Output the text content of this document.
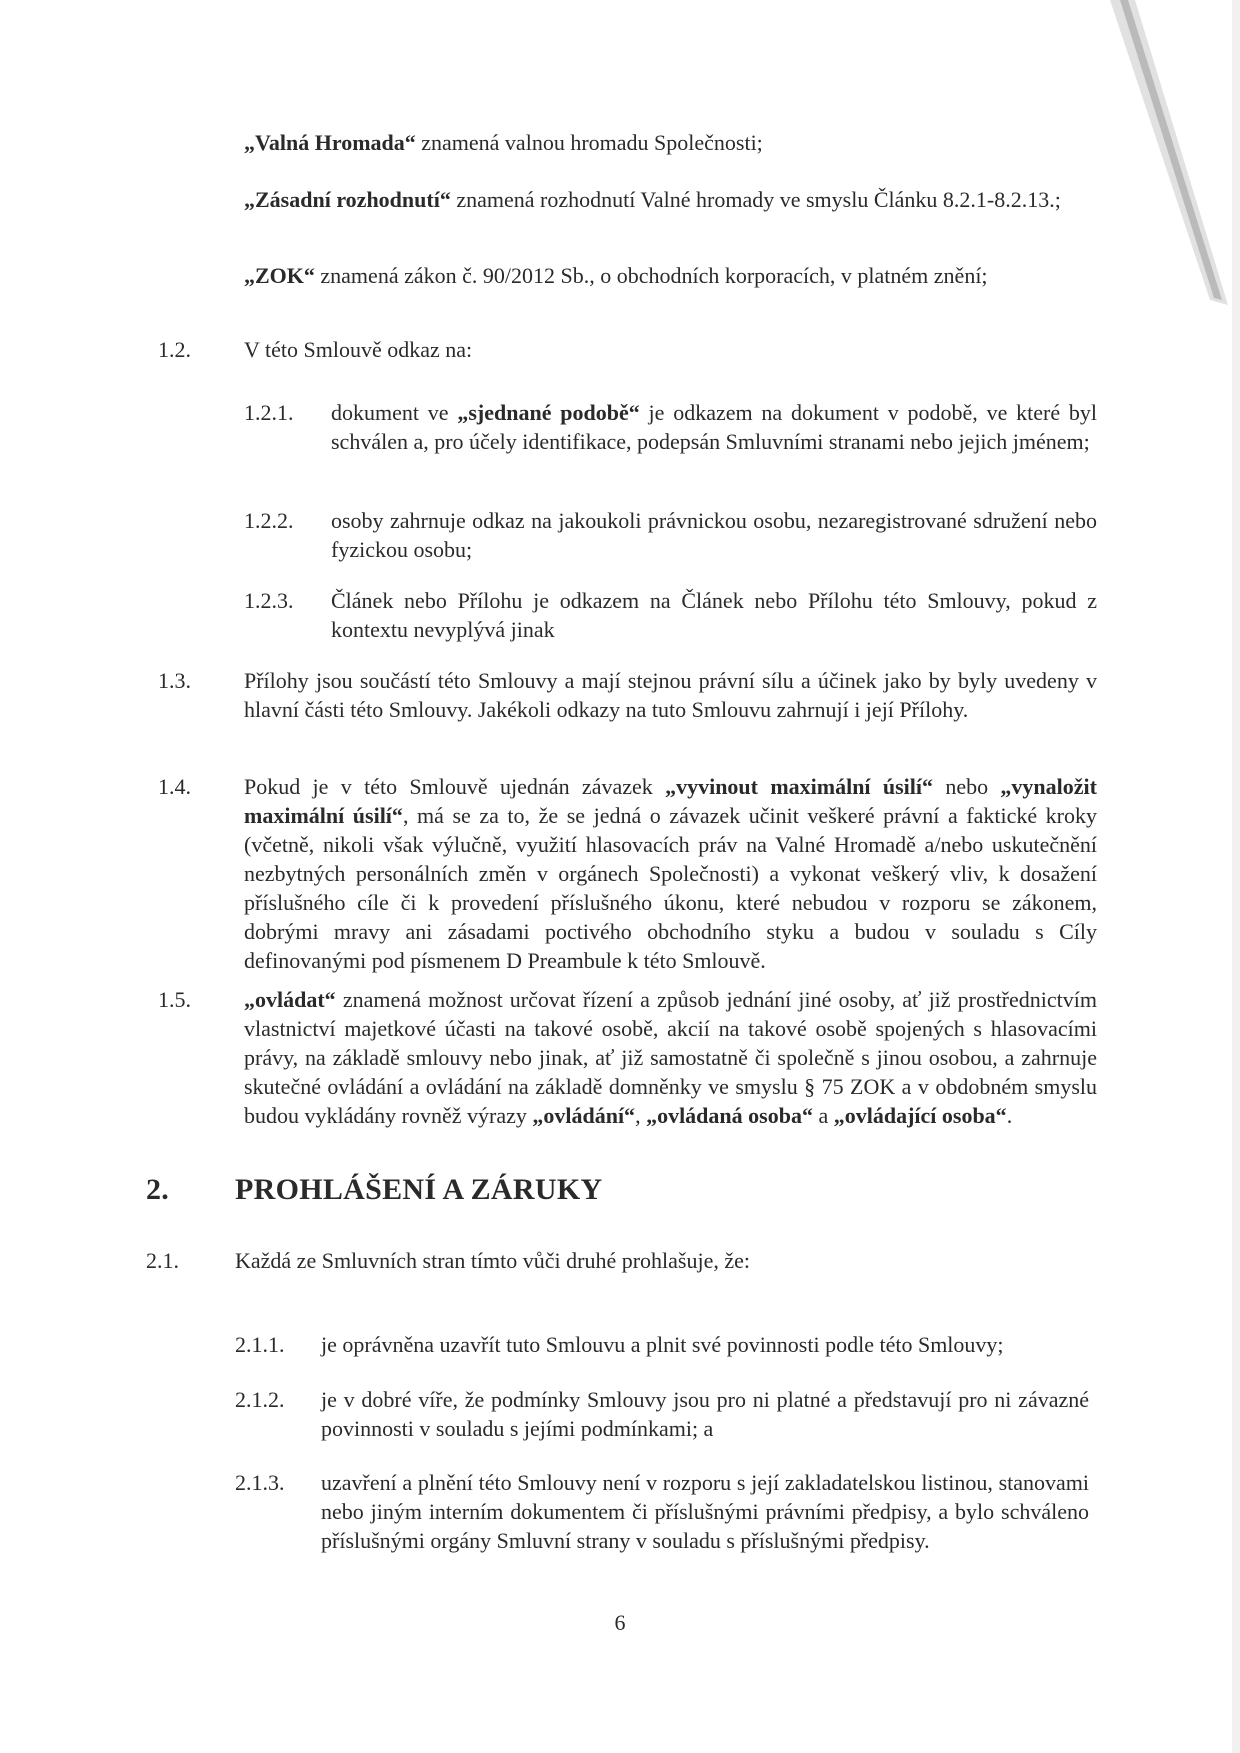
„Valná Hromada“ znamená valnou hromadu Společnosti;
„Zásadní rozhodnutí“ znamená rozhodnutí Valné hromady ve smyslu Článku 8.2.1-8.2.13.;
„ZOK“ znamená zákon č. 90/2012 Sb., o obchodních korporacích, v platném znění;
1.2. V této Smlouvě odkaz na:
1.2.1. dokument ve „sjednané podobě“ je odkazem na dokument v podobě, ve které byl schválen a, pro účely identifikace, podepsán Smluvními stranami nebo jejich jménem;
1.2.2. osoby zahrnuje odkaz na jakoukoli právnickou osobu, nezaregistrované sdružení nebo fyzickou osobu;
1.2.3. Článek nebo Přílohu je odkazem na Článek nebo Přílohu této Smlouvy, pokud z kontextu nevyplývá jinak
1.3. Přílohy jsou součástí této Smlouvy a mají stejnou právní sílu a účinek jako by byly uvedeny v hlavní části této Smlouvy. Jakékoli odkazy na tuto Smlouvu zahrnují i její Přílohy.
1.4. Pokud je v této Smlouvě ujednán závazek „vyvinout maximální úsilí“ nebo „vynaložit maximální úsilí“, má se za to, že se jedná o závazek učinit veškeré právní a faktické kroky (včetně, nikoli však výlučně, využití hlasovacích práv na Valné Hromadě a/nebo uskutečnění nezbytných personálních změn v orgánech Společnosti) a vykonat veškerý vliv, k dosažení příslušného cíle či k provedení příslušného úkonu, které nebudou v rozporu se zákonem, dobrými mravy ani zásadami poctivého obchodního styku a budou v souladu s Cíly definovanými pod písmenem D Preambule k této Smlouvě.
1.5. „ovládat“ znamená možnost určovat řízení a způsob jednání jiné osoby, ať již prostřednictvím vlastnictví majetkové účasti na takové osobě, akcií na takové osobě spojených s hlasovacími právy, na základě smlouvy nebo jinak, ať již samostatně či společně s jinou osobou, a zahrnuje skutečné ovládání a ovládání na základě domněnky ve smyslu § 75 ZOK a v obdobném smyslu budou vykládány rovněž výrazy „ovládání“, „ovládaná osoba“ a „ovládající osoba“.
2. PROHLÁŠENÍ A ZÁRUKY
2.1.	Každá ze Smluvních stran tímto vůči druhé prohlašuje, že:
2.1.1. je oprávněna uzavřít tuto Smlouvu a plnit své povinnosti podle této Smlouvy;
2.1.2. je v dobré víře, že podmínky Smlouvy jsou pro ni platné a představují pro ni závazné povinnosti v souladu s jejími podmínkami; a
2.1.3. uzavření a plnění této Smlouvy není v rozporu s její zakladatelskou listinou, stanovami nebo jiným interním dokumentem či příslušnými právními předpisy, a bylo schváleno příslušnými orgány Smluvní strany v souladu s příslušnými předpisy.
6
